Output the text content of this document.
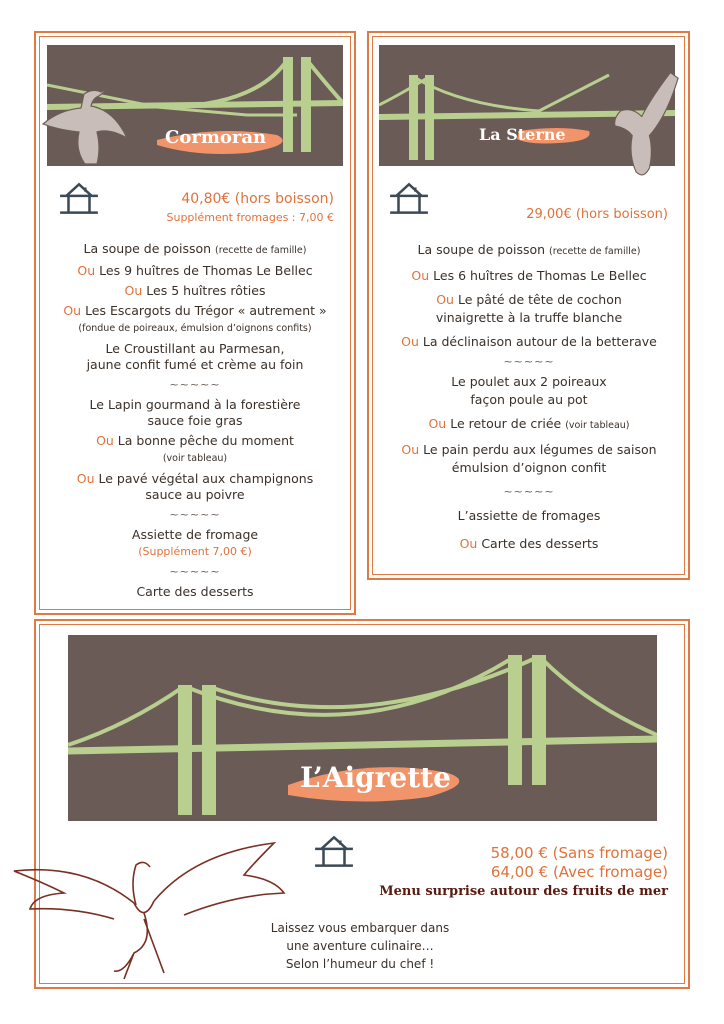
Cormoran
40,80€ (hors boisson)
Supplément fromages : 7,00 €

La soupe de poisson (recette de famille)

Ou Les 9 huîtres de Thomas Le Bellec

Ou Les 5 huîtres rôties

Ou Les Escargots du Trégor « autrement »
(fondue de poireaux, émulsion d’oignons confits)

Le Croustillant au Parmesan,
jaune confit fumé et crème au foin

~~~~~

Le Lapin gourmand à la forestière
sauce foie gras

Ou La bonne pêche du moment
(voir tableau)

Ou Le pavé végétal aux champignons
sauce au poivre

~~~~~

Assiette de fromage
(Supplément 7,00 €)

~~~~~

Carte des desserts

La Sterne
29,00€ (hors boisson)

La soupe de poisson (recette de famille)

Ou Les 6 huîtres de Thomas Le Bellec

Ou Le pâté de tête de cochon
vinaigrette à la truffe blanche

Ou La déclinaison autour de la betterave

~~~~~

Le poulet aux 2 poireaux
façon poule au pot

Ou Le retour de criée (voir tableau)

Ou Le pain perdu aux légumes de saison
émulsion d’oignon confit

~~~~~

L’assiette de fromages

Ou Carte des desserts

L’Aigrette
58,00 € (Sans fromage)
64,00 € (Avec fromage)
Menu surprise autour des fruits de mer
Laissez vous embarquer dans
une aventure culinaire…
Selon l’humeur du chef !
